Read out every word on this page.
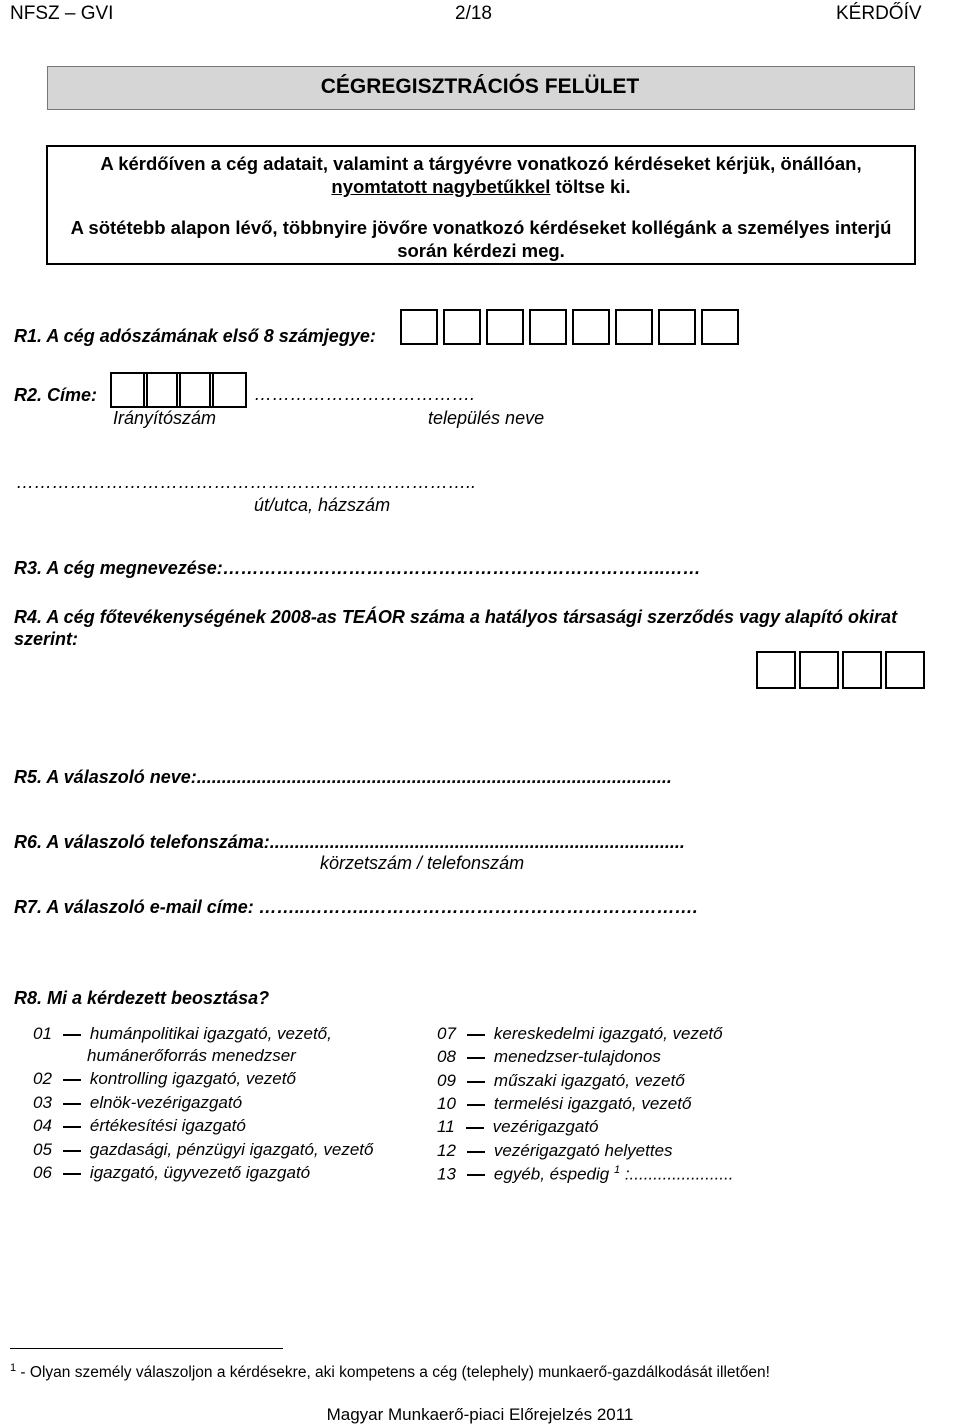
NFSZ – GVI	2/18	KÉRDŐÍV
CÉGREGISZTRÁCIÓS FELÜLET
A kérdőíven a cég adatait, valamint a tárgyévre vonatkozó kérdéseket kérjük, önállóan,
nyomtatott nagybetűkkel töltse ki.
A sötétebb alapon lévő, többnyire jövőre vonatkozó kérdéseket kollégánk a személyes interjú
során kérdezi meg.
R1. A cég adószámának első 8 számjegye:
R2. Címe:	……………………………….
Irányítószám	település neve
…………………………………………………………………..
út/utca, házszám
R3. A cég megnevezése:………………………………………………………………..……
R4. A cég főtevékenységének 2008-as TEÁOR száma a hatályos társasági szerződés vagy alapító okirat
szerint:
R5. A válaszoló neve:...............................................................................................
R6. A válaszoló telefonszáma:...................................................................................
körzetszám / telefonszám
R7. A válaszoló e-mail címe: ……..………..……………………………………………….
R8. Mi a kérdezett beosztása?
01 humánpolitikai igazgató, vezető,
humánerőforrás menedzser
02 kontrolling igazgató, vezető
03 elnök-vezérigazgató
04 értékesítési igazgató
05 gazdasági, pénzügyi igazgató, vezető
06 igazgató, ügyvezető igazgató
07 kereskedelmi igazgató, vezető
08 menedzser-tulajdonos
09 műszaki igazgató, vezető
10 termelési igazgató, vezető
11 vezérigazgató
12 vezérigazgató helyettes
13 egyéb, éspedig $^1$ :......................
$^1$ - Olyan személy válaszoljon a kérdésekre, aki kompetens a cég (telephely) munkaerő-gazdálkodását illetően!
Magyar Munkaerő-piaci Előrejelzés 2011
